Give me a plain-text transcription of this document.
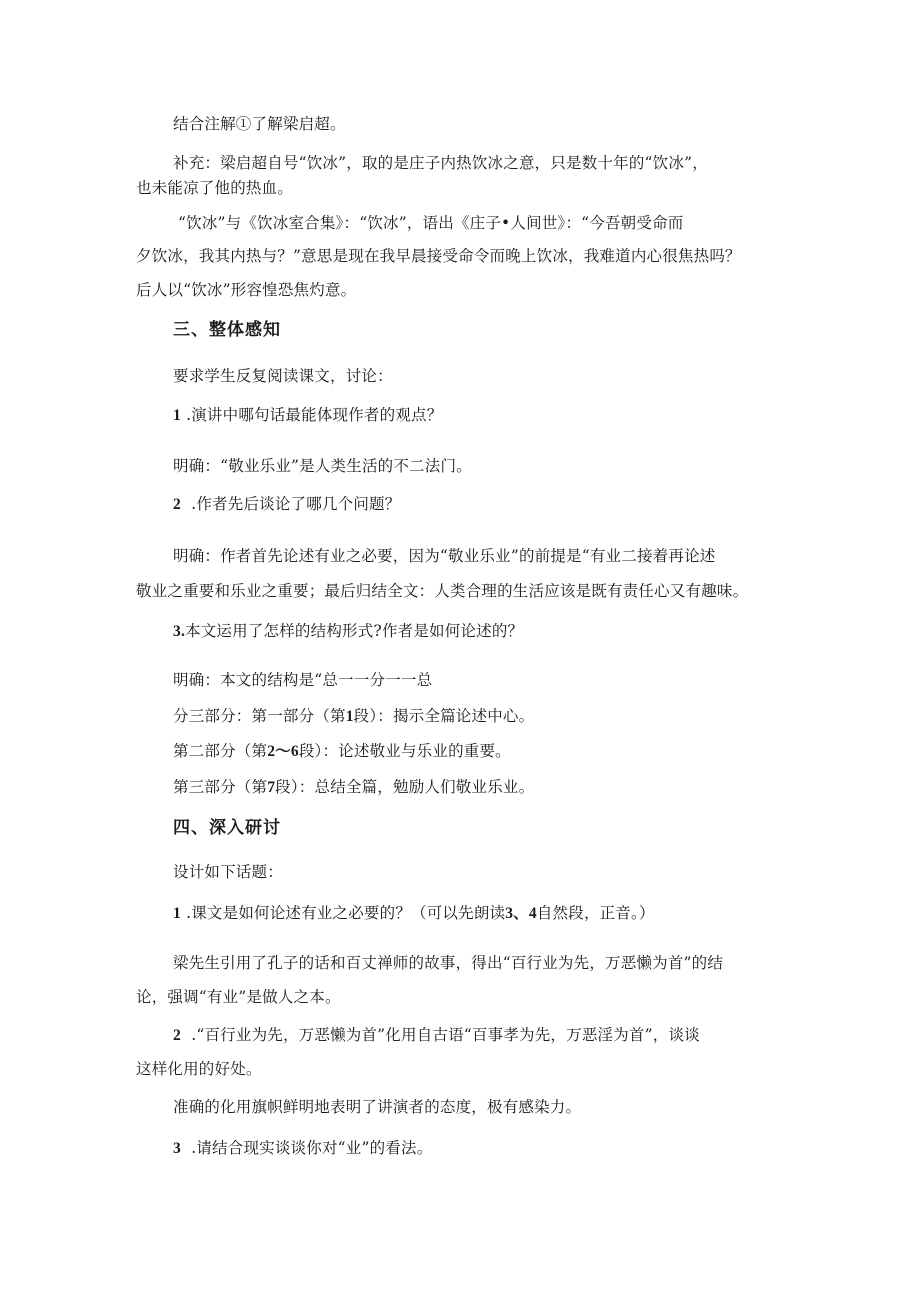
结合注解①了解梁启超。
补充：梁启超自号“饮冰”，取的是庄子内热饮冰之意，只是数十年的“饮冰”，
也未能凉了他的热血。
“饮冰”与《饮冰室合集》：“饮冰”，语出《庄子•人间世》：“今吾朝受命而
夕饮冰，我其内热与？”意思是现在我早晨接受命令而晚上饮冰，我难道内心很焦热吗？
后人以“饮冰”形容惶恐焦灼意。
三、整体感知
要求学生反复阅读课文，讨论：
1 .演讲中哪句话最能体现作者的观点？
明确：“敬业乐业”是人类生活的不二法门。
2 .作者先后谈论了哪几个问题？
明确：作者首先论述有业之必要，因为“敬业乐业”的前提是“有业二接着再论述
敬业之重要和乐业之重要；最后归结全文：人类合理的生活应该是既有责任心又有趣味。
3.本文运用了怎样的结构形式?作者是如何论述的？
明确：本文的结构是“总一一分一一总
分三部分：第一部分（第1段）：揭示全篇论述中心。
第二部分（第2〜6段）：论述敬业与乐业的重要。
第三部分（第7段）：总结全篇，勉励人们敬业乐业。
四、深入研讨
设计如下话题：
1 .课文是如何论述有业之必要的？（可以先朗读3、4自然段，正音。）
梁先生引用了孔子的话和百丈禅师的故事，得出“百行业为先，万恶懒为首”的结
论，强调“有业”是做人之本。
2 .“百行业为先，万恶懒为首”化用自古语“百事孝为先，万恶淫为首”，谈谈
这样化用的好处。
准确的化用旗帜鲜明地表明了讲演者的态度，极有感染力。
3 .请结合现实谈谈你对“业”的看法。
